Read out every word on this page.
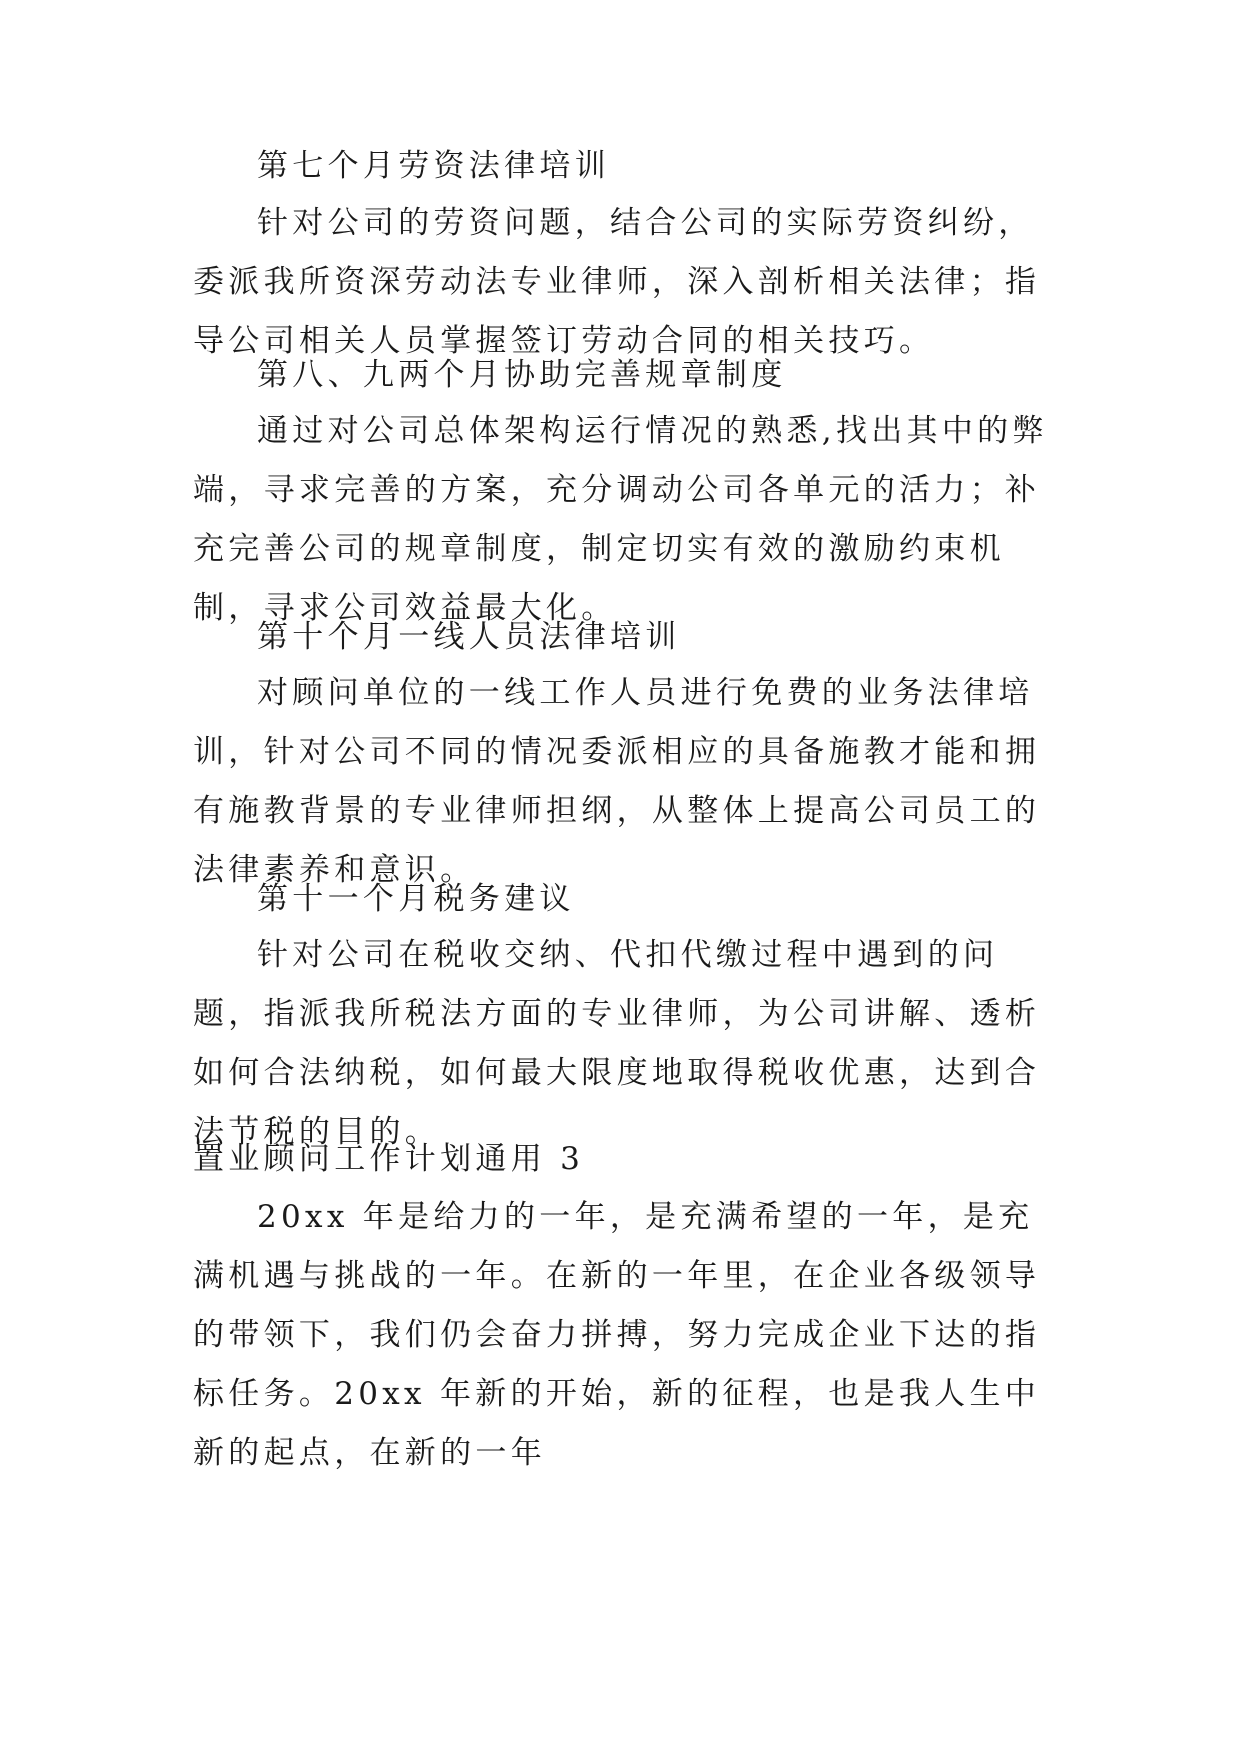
第七个月劳资法律培训

针对公司的劳资问题，结合公司的实际劳资纠纷，委派我所资深劳动法专业律师，深入剖析相关法律；指导公司相关人员掌握签订劳动合同的相关技巧。

第八、九两个月协助完善规章制度

通过对公司总体架构运行情况的熟悉,找出其中的弊端，寻求完善的方案，充分调动公司各单元的活力；补充完善公司的规章制度，制定切实有效的激励约束机制，寻求公司效益最大化。

第十个月一线人员法律培训

对顾问单位的一线工作人员进行免费的业务法律培训，针对公司不同的情况委派相应的具备施教才能和拥有施教背景的专业律师担纲，从整体上提高公司员工的法律素养和意识。

第十一个月税务建议

针对公司在税收交纳、代扣代缴过程中遇到的问题，指派我所税法方面的专业律师，为公司讲解、透析如何合法纳税，如何最大限度地取得税收优惠，达到合法节税的目的。

置业顾问工作计划通用 3

20xx 年是给力的一年，是充满希望的一年，是充满机遇与挑战的一年。在新的一年里，在企业各级领导的带领下，我们仍会奋力拼搏，努力完成企业下达的指标任务。20xx 年新的开始，新的征程，也是我人生中新的起点，在新的一年
